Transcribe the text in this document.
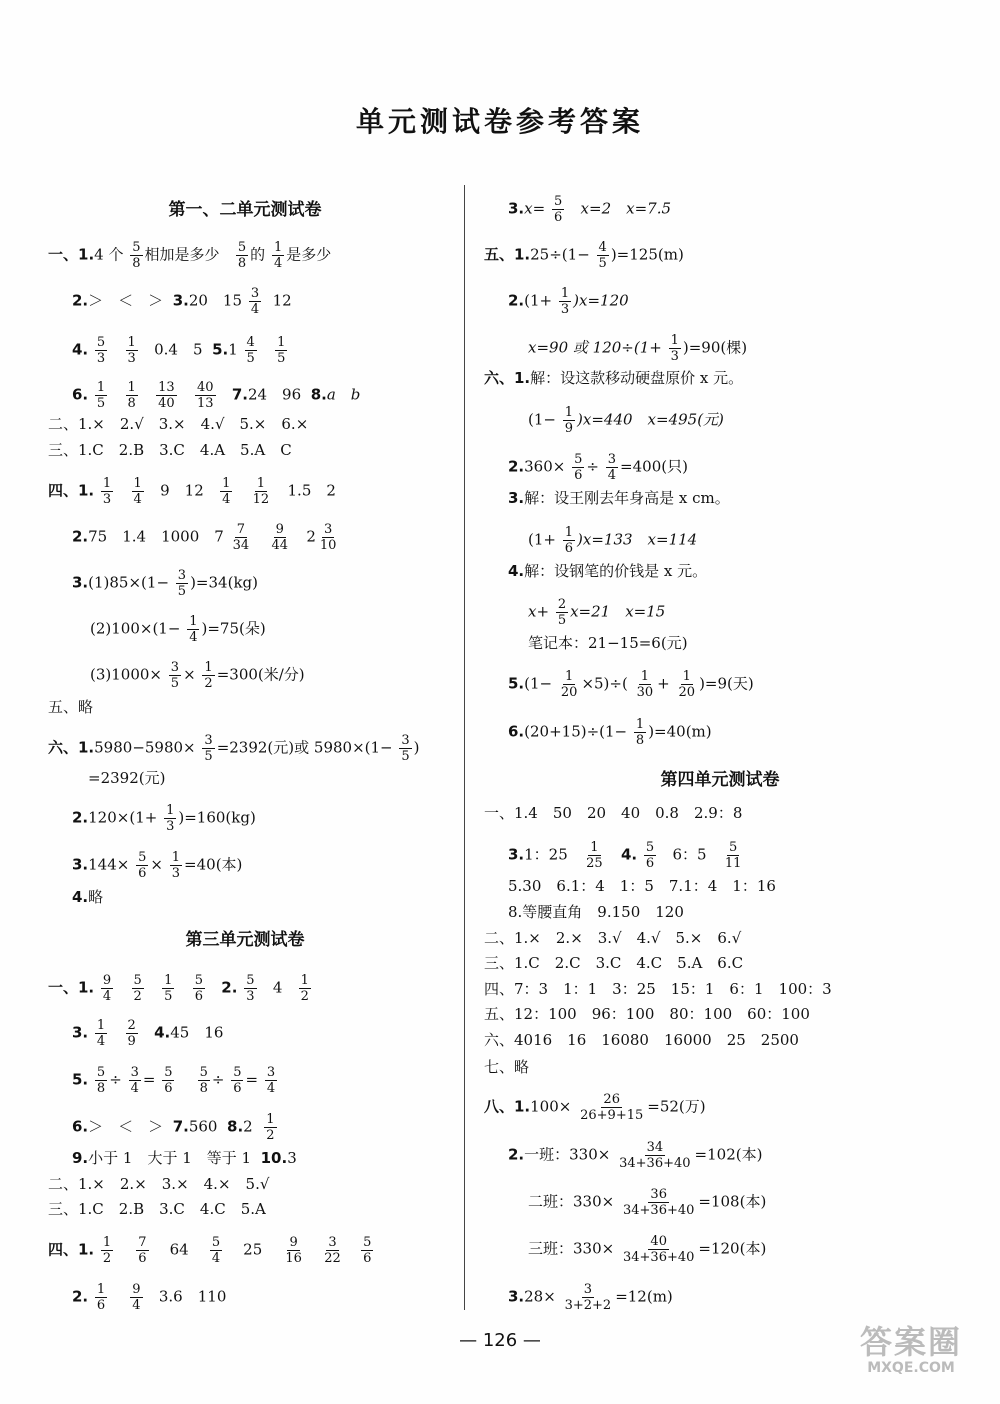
单元测试卷参考答案
第一、二单元测试卷
一、1.4 个 $\frac{5}{8}$ 相加是多少 $\frac{5}{8}$ 的 $\frac{1}{4}$ 是多少
2.＞　＜　＞ 3.20　$15 \frac{3}{4} 12$
4. $\frac{5}{3}$
$\frac{1}{3} 0.4$　5 $5.1 \frac{4}{5}$
$\frac{1}{5}$
6. $\frac{1}{5}$
$\frac{1}{8}$
$\frac{13}{40}$
$\frac{40}{13} 7.24$　96 8.a　b
二、1.×　2.√　3.×　4.√　5.×　6.×
三、1.C　2.B　3.C　4.A　5.A　C
四、1. $\frac{1}{3}$
$\frac{1}{4} 9$　$12 \frac{1}{4}$
$\frac{1}{12} 1.5$　2
2.75　1.4　1000　$7 \frac{7}{34}$
$\frac{9}{44} 2 \frac{3}{10}$
$3.(1)85\times(1- \frac{3}{5} )=34(kg)$
$(2)100\times(1- \frac{1}{4} )=75$(朵)
$(3)1000\times \frac{3}{5} \times \frac{1}{2} =300$(米/分)
五、略
六、$1.5980-5980\times \frac{3}{5} =2392$(元)或 $5980\times(1- \frac{3}{5}$ )
=2392(元)
$2.120\times(1+ \frac{1}{3} )=160(kg)$
$3.144\times \frac{5}{6} \times \frac{1}{3} =40$(本)
4.略
第三单元测试卷
一、1. $\frac{9}{4}$
$\frac{5}{2}$
$\frac{1}{5}$
$\frac{5}{6} 2$. $\frac{5}{3} 4 \frac{1}{2}$
3. $\frac{1}{4}$
$\frac{2}{9} 4.45$　16
5. $\frac{5}{8} \div \frac{3}{4} = \frac{5}{6}$
$\frac{5}{8} \div \frac{5}{6} = \frac{3}{4}$
6.＞　＜　＞ 7.560 $8.2 \frac{1}{2}$
9.小于 1　大于 1　等于 1 10.3
二、1.×　2.×　3.×　4.×　5.√
三、1.C　2.B　3.C　4.C　5.A
四、1. $\frac{1}{2}$
$\frac{7}{6} 64 \frac{5}{4} 25 \frac{9}{16}$
$\frac{3}{22}$
$\frac{5}{6}$
2. $\frac{1}{6}$
$\frac{9}{4} 3.6$　110
$3.x= \frac{5}{6} x=2$　x=7.5
五、$1.25\div(1- \frac{4}{5} )=125(m)$
$2.(1+ \frac{1}{3} )x=120$
x=90 或 $120\div(1+ \frac{1}{3} )=90$(棵)
六、1.解：设这款移动硬盘原价 x 元。
$(1- \frac{1}{9} )x=440$　x=495(元)
$2.360\times \frac{5}{6} \div \frac{3}{4} =400$(只)
3.解：设王刚去年身高是 x cm。
$(1+ \frac{1}{6} )x=133$　x=114
4.解：设钢笔的价钱是 x 元。
$x+ \frac{2}{5} x=21$　x=15
笔记本：21−15=6(元)
$5.(1- \frac{1}{20} \times 5)\div( \frac{1}{30} + \frac{1}{20} )=9$(天)
$6.(20+15)\div(1- \frac{1}{8} )=40(m)$
第四单元测试卷
一、1.4　50　20　40　0.8　2.9：8
3.1：$25 \frac{1}{25} 4$. $\frac{5}{6} 6$：$5 \frac{5}{11}$
5.30　6.1：4　1：5　7.1：4　1：16
8.等腰直角　9.150　120
二、1.×　2.×　3.√　4.√　5.×　6.√
三、1.C　2.C　3.C　4.C　5.A　6.C
四、7：3　1：1　3：25　15：1　6：1　100：3
五、12：100　96：100　80：100　60：100
六、4016　16　16080　16000　25　2500
七、略
八、$1.100\times \frac{26}{26+9+15} =52$(万)
2.一班：$330\times \frac{34}{34+36+40} =102$(本)
二班：$330\times \frac{36}{34+36+40} =108$(本)
三班：$330\times \frac{40}{34+36+40} =120$(本)
$3.28\times \frac{3}{3+2+2} =12(m)$
— 126 —	答案圈
MXQE.COM
